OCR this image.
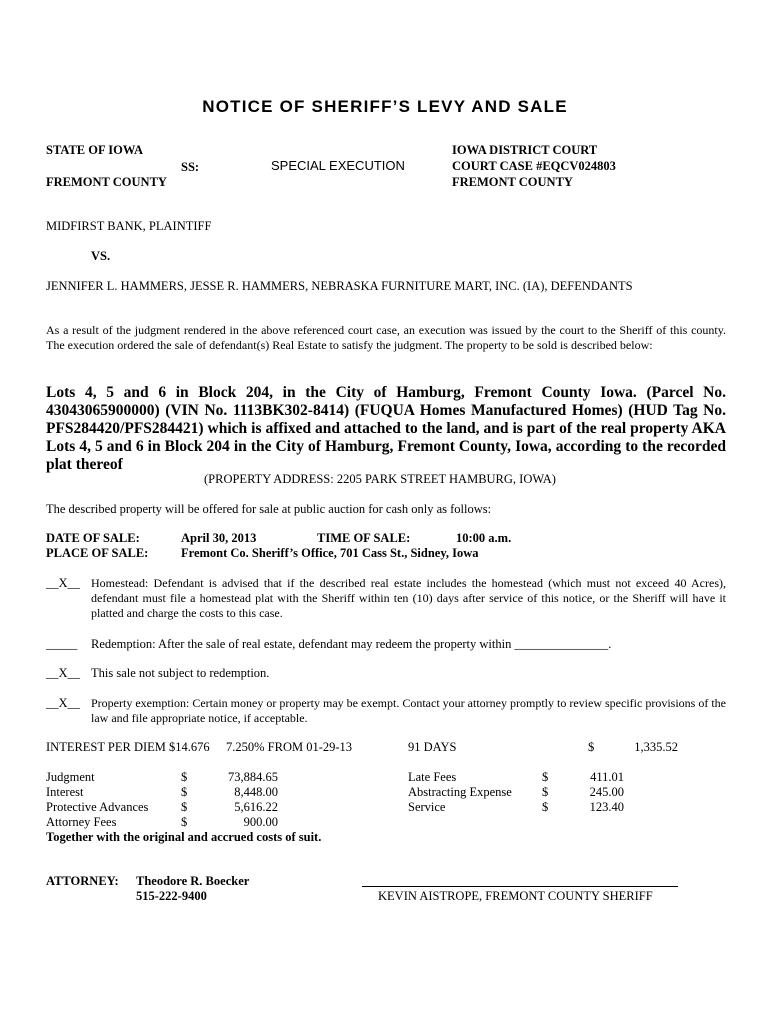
NOTICE OF SHERIFF’S LEVY AND SALE
STATE OF IOWA
SS:
FREMONT COUNTY
SPECIAL EXECUTION
IOWA DISTRICT COURT
COURT CASE #EQCV024803
FREMONT COUNTY
MIDFIRST BANK, PLAINTIFF
VS.
JENNIFER L. HAMMERS, JESSE R. HAMMERS, NEBRASKA FURNITURE MART, INC. (IA), DEFENDANTS
As a result of the judgment rendered in the above referenced court case, an execution was issued by the court to the Sheriff of this county. The execution ordered the sale of defendant(s) Real Estate to satisfy the judgment. The property to be sold is described below:
Lots 4, 5 and 6 in Block 204, in the City of Hamburg, Fremont County Iowa. (Parcel No. 43043065900000) (VIN No. 1113BK302-8414) (FUQUA Homes Manufactured Homes) (HUD Tag No. PFS284420/PFS284421) which is affixed and attached to the land, and is part of the real property AKA Lots 4, 5 and 6 in Block 204 in the City of Hamburg, Fremont County, Iowa, according to the recorded plat thereof
(PROPERTY ADDRESS: 2205 PARK STREET HAMBURG, IOWA)
The described property will be offered for sale at public auction for cash only as follows:
DATE OF SALE:	April 30, 2013	TIME OF SALE:	10:00 a.m.
PLACE OF SALE:	Fremont Co. Sheriff’s Office, 701 Cass St., Sidney, Iowa
__X__ Homestead: Defendant is advised that if the described real estate includes the homestead (which must not exceed 40 Acres), defendant must file a homestead plat with the Sheriff within ten (10) days after service of this notice, or the Sheriff will have it platted and charge the costs to this case.
_____ Redemption: After the sale of real estate, defendant may redeem the property within _______________.
__X__ This sale not subject to redemption.
__X__ Property exemption: Certain money or property may be exempt. Contact your attorney promptly to review specific provisions of the law and file appropriate notice, if acceptable.
INTEREST PER DIEM $14.676 7.250% FROM 01-29-13	91 DAYS	$	1,335.52
Judgment	$	73,884.65
Interest	$	8,448.00
Protective Advances	$	5,616.22
Attorney Fees	$	900.00
Late Fees	$	411.01
Abstracting Expense $	245.00
Service	$	123.40
Together with the original and accrued costs of suit.
ATTORNEY: Theodore R. Boecker
515-222-9400	KEVIN AISTROPE, FREMONT COUNTY SHERIFF
